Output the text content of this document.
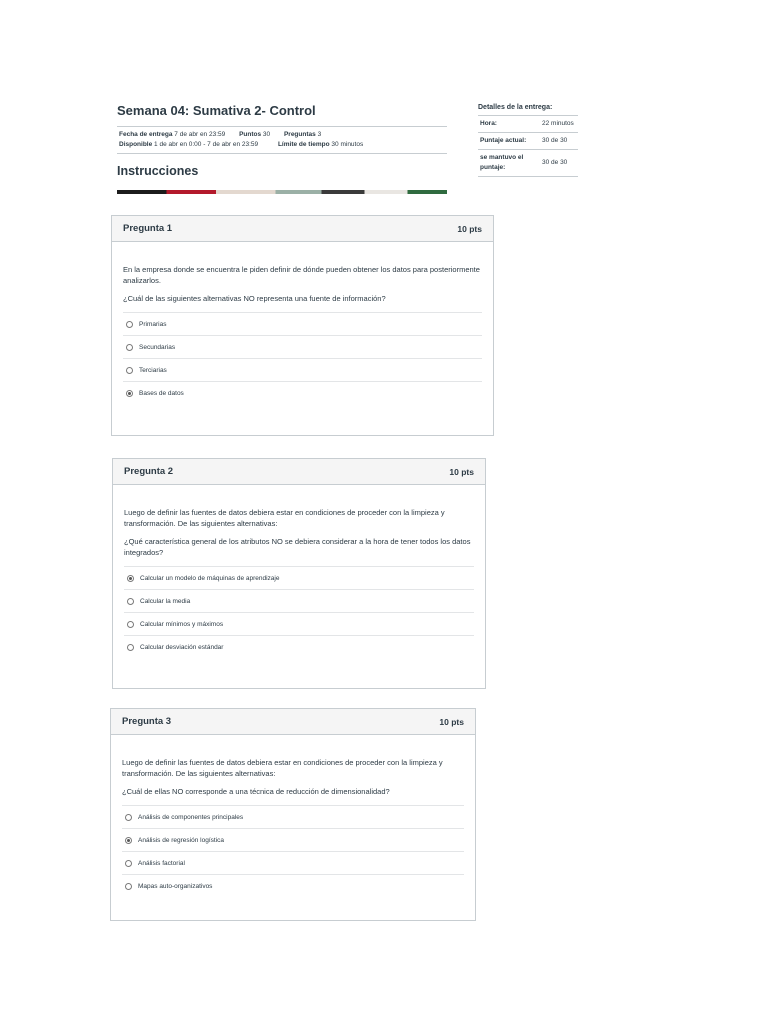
Semana 04: Sumativa 2- Control
Fecha de entrega 7 de abr en 23:59 Puntos 30 Preguntas 3
Disponible 1 de abr en 0:00 - 7 de abr en 23:59	Límite de tiempo 30 minutos
Instrucciones
Detalles de la entrega:
Hora:	22 minutos
Puntaje actual:	30 de 30
se mantuvo el puntaje:	30 de 30
Pregunta 1	10 pts

En la empresa donde se encuentra le piden definir de dónde pueden obtener los datos para posteriormente analizarlos.

¿Cuál de las siguientes alternativas NO representa una fuente de información?

Primarias
Secundarias
Terciarias
Bases de datos
Pregunta 2	10 pts

Luego de definir las fuentes de datos debiera estar en condiciones de proceder con la limpieza y transformación. De las siguientes alternativas:

¿Qué característica general de los atributos NO se debiera considerar a la hora de tener todos los datos integrados?

Calcular un modelo de máquinas de aprendizaje
Calcular la media
Calcular mínimos y máximos
Calcular desviación estándar
Pregunta 3	10 pts

Luego de definir las fuentes de datos debiera estar en condiciones de proceder con la limpieza y transformación. De las siguientes alternativas:

¿Cuál de ellas NO corresponde a una técnica de reducción de dimensionalidad?

Análisis de componentes principales
Análisis de regresión logística
Análisis factorial
Mapas auto-organizativos
